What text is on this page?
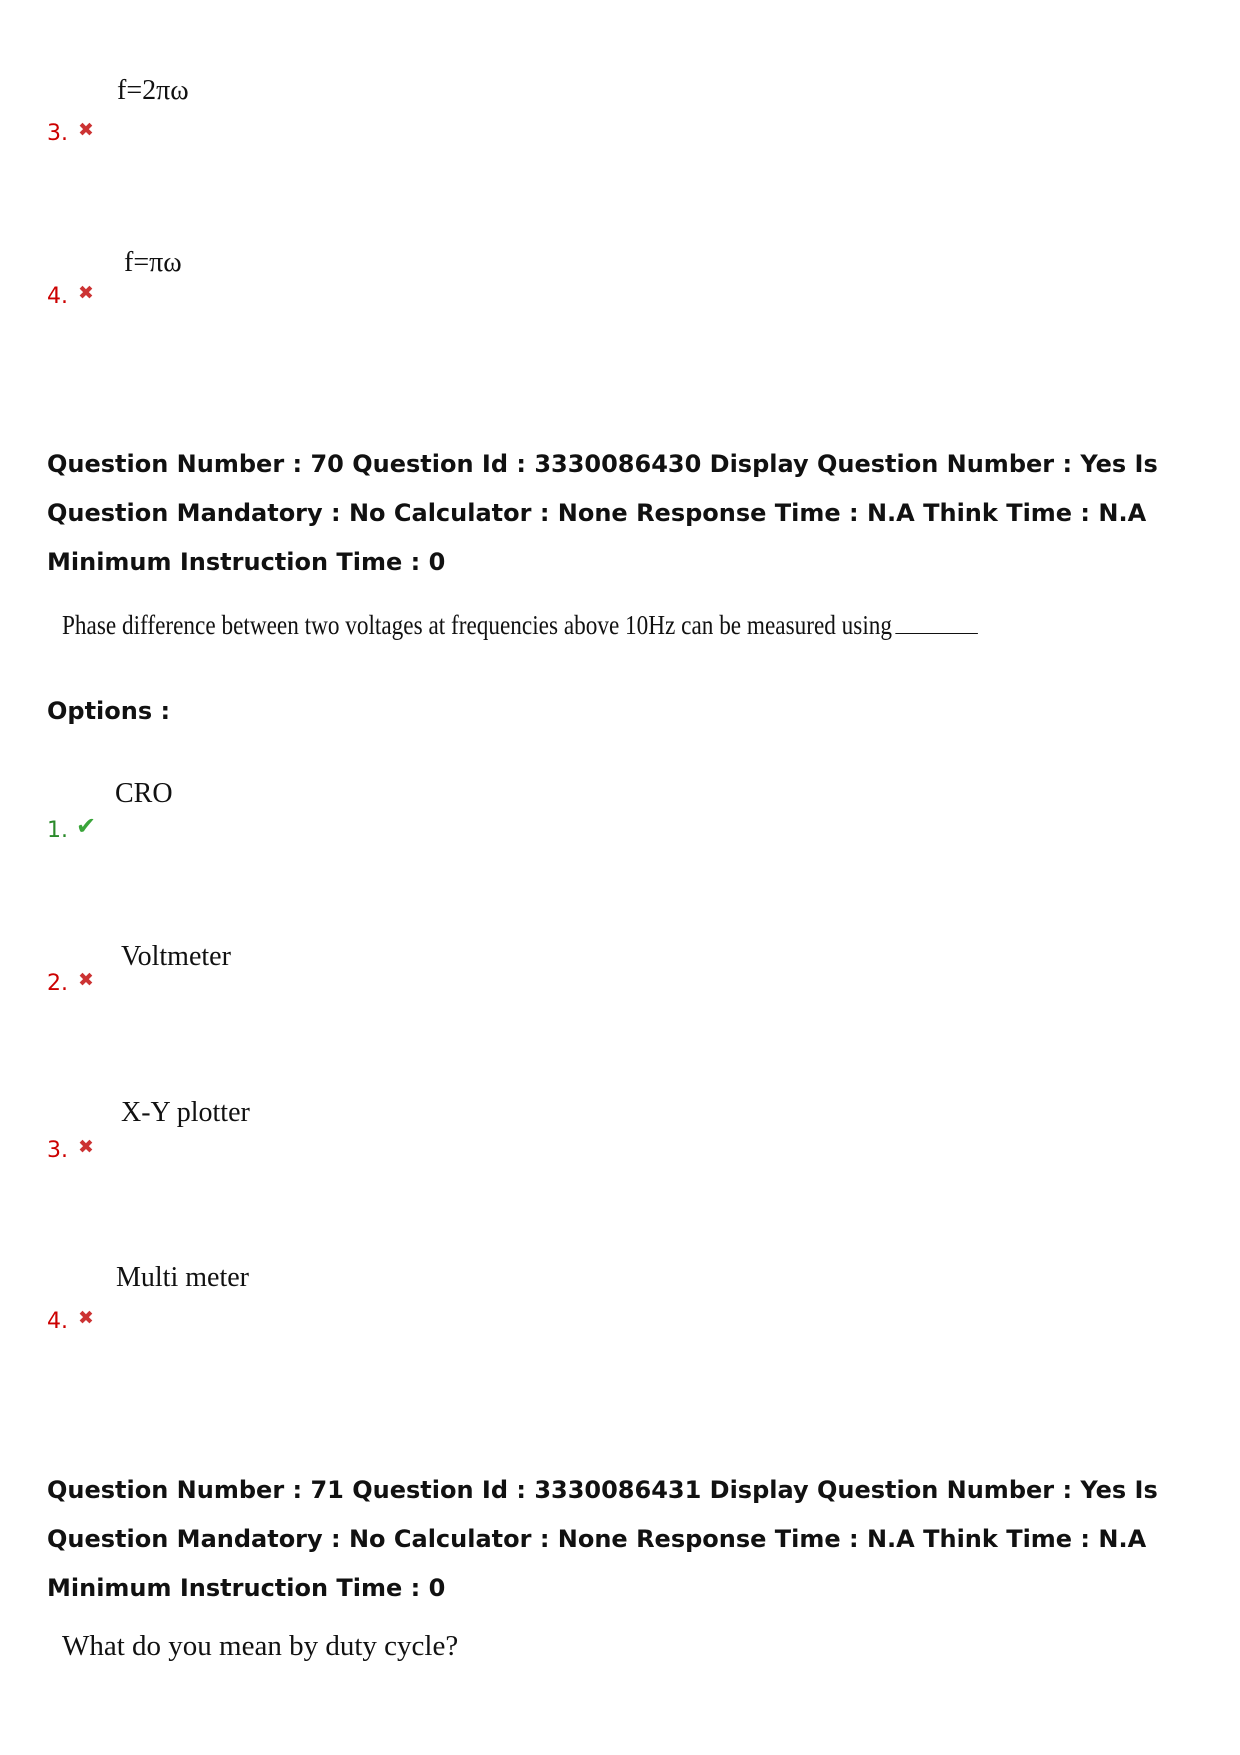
f=2πω
3. ✖
f=πω
4. ✖
Question Number : 70 Question Id : 3330086430 Display Question Number : Yes Is Question Mandatory : No Calculator : None Response Time : N.A Think Time : N.A Minimum Instruction Time : 0
Phase difference between two voltages at frequencies above 10Hz can be measured using
Options :
CRO
1. ✔
Voltmeter
2. ✖
X-Y plotter
3. ✖
Multi meter
4. ✖
Question Number : 71 Question Id : 3330086431 Display Question Number : Yes Is Question Mandatory : No Calculator : None Response Time : N.A Think Time : N.A Minimum Instruction Time : 0
What do you mean by duty cycle?
